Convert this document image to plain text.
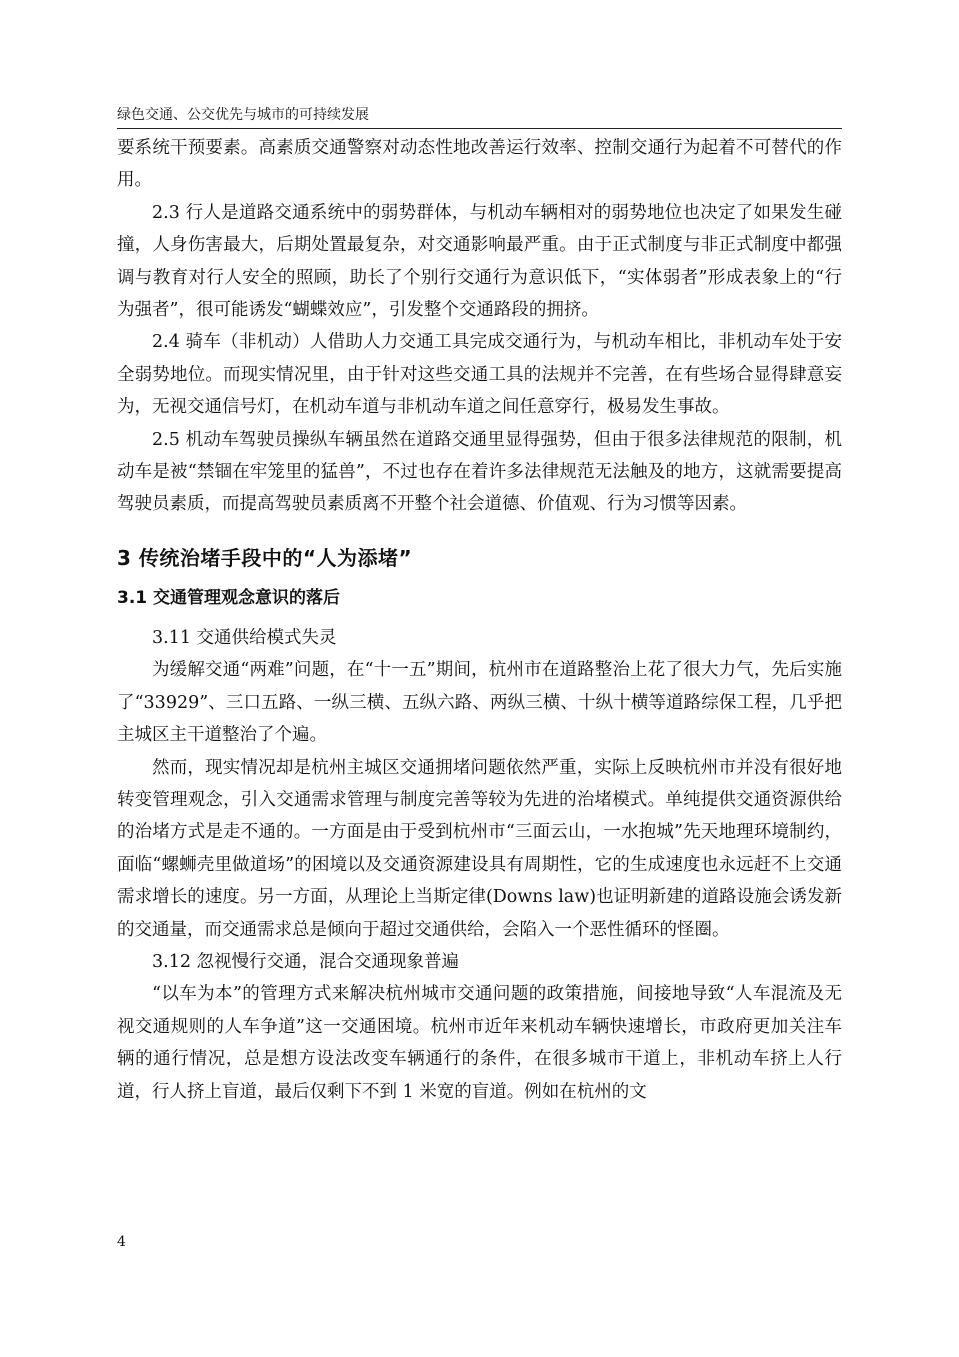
绿色交通、公交优先与城市的可持续发展

要系统干预要素。高素质交通警察对动态性地改善运行效率、控制交通行为起着不可替代的作用。

2.3 行人是道路交通系统中的弱势群体，与机动车辆相对的弱势地位也决定了如果发生碰撞，人身伤害最大，后期处置最复杂，对交通影响最严重。由于正式制度与非正式制度中都强调与教育对行人安全的照顾，助长了个别行交通行为意识低下，“实体弱者”形成表象上的“行为强者”，很可能诱发“蝴蝶效应”，引发整个交通路段的拥挤。

2.4 骑车（非机动）人借助人力交通工具完成交通行为，与机动车相比，非机动车处于安全弱势地位。而现实情况里，由于针对这些交通工具的法规并不完善，在有些场合显得肆意妄为，无视交通信号灯，在机动车道与非机动车道之间任意穿行，极易发生事故。

2.5 机动车驾驶员操纵车辆虽然在道路交通里显得强势，但由于很多法律规范的限制，机动车是被“禁锢在牢笼里的猛兽”，不过也存在着许多法律规范无法触及的地方，这就需要提高驾驶员素质，而提高驾驶员素质离不开整个社会道德、价值观、行为习惯等因素。

3 传统治堵手段中的“人为添堵”
3.1 交通管理观念意识的落后

3.11 交通供给模式失灵

为缓解交通“两难”问题，在“十一五”期间，杭州市在道路整治上花了很大力气，先后实施了“33929”、三口五路、一纵三横、五纵六路、两纵三横、十纵十横等道路综保工程，几乎把主城区主干道整治了个遍。

然而，现实情况却是杭州主城区交通拥堵问题依然严重，实际上反映杭州市并没有很好地转变管理观念，引入交通需求管理与制度完善等较为先进的治堵模式。单纯提供交通资源供给的治堵方式是走不通的。一方面是由于受到杭州市“三面云山，一水抱城”先天地理环境制约，面临“螺蛳壳里做道场”的困境以及交通资源建设具有周期性，它的生成速度也永远赶不上交通需求增长的速度。另一方面，从理论上当斯定律(Downs law)也证明新建的道路设施会诱发新的交通量，而交通需求总是倾向于超过交通供给，会陷入一个恶性循环的怪圈。

3.12 忽视慢行交通，混合交通现象普遍

“以车为本”的管理方式来解决杭州城市交通问题的政策措施，间接地导致“人车混流及无视交通规则的人车争道”这一交通困境。杭州市近年来机动车辆快速增长，市政府更加关注车辆的通行情况，总是想方设法改变车辆通行的条件，在很多城市干道上，非机动车挤上人行道，行人挤上盲道，最后仅剩下不到 1 米宽的盲道。例如在杭州的文

4
